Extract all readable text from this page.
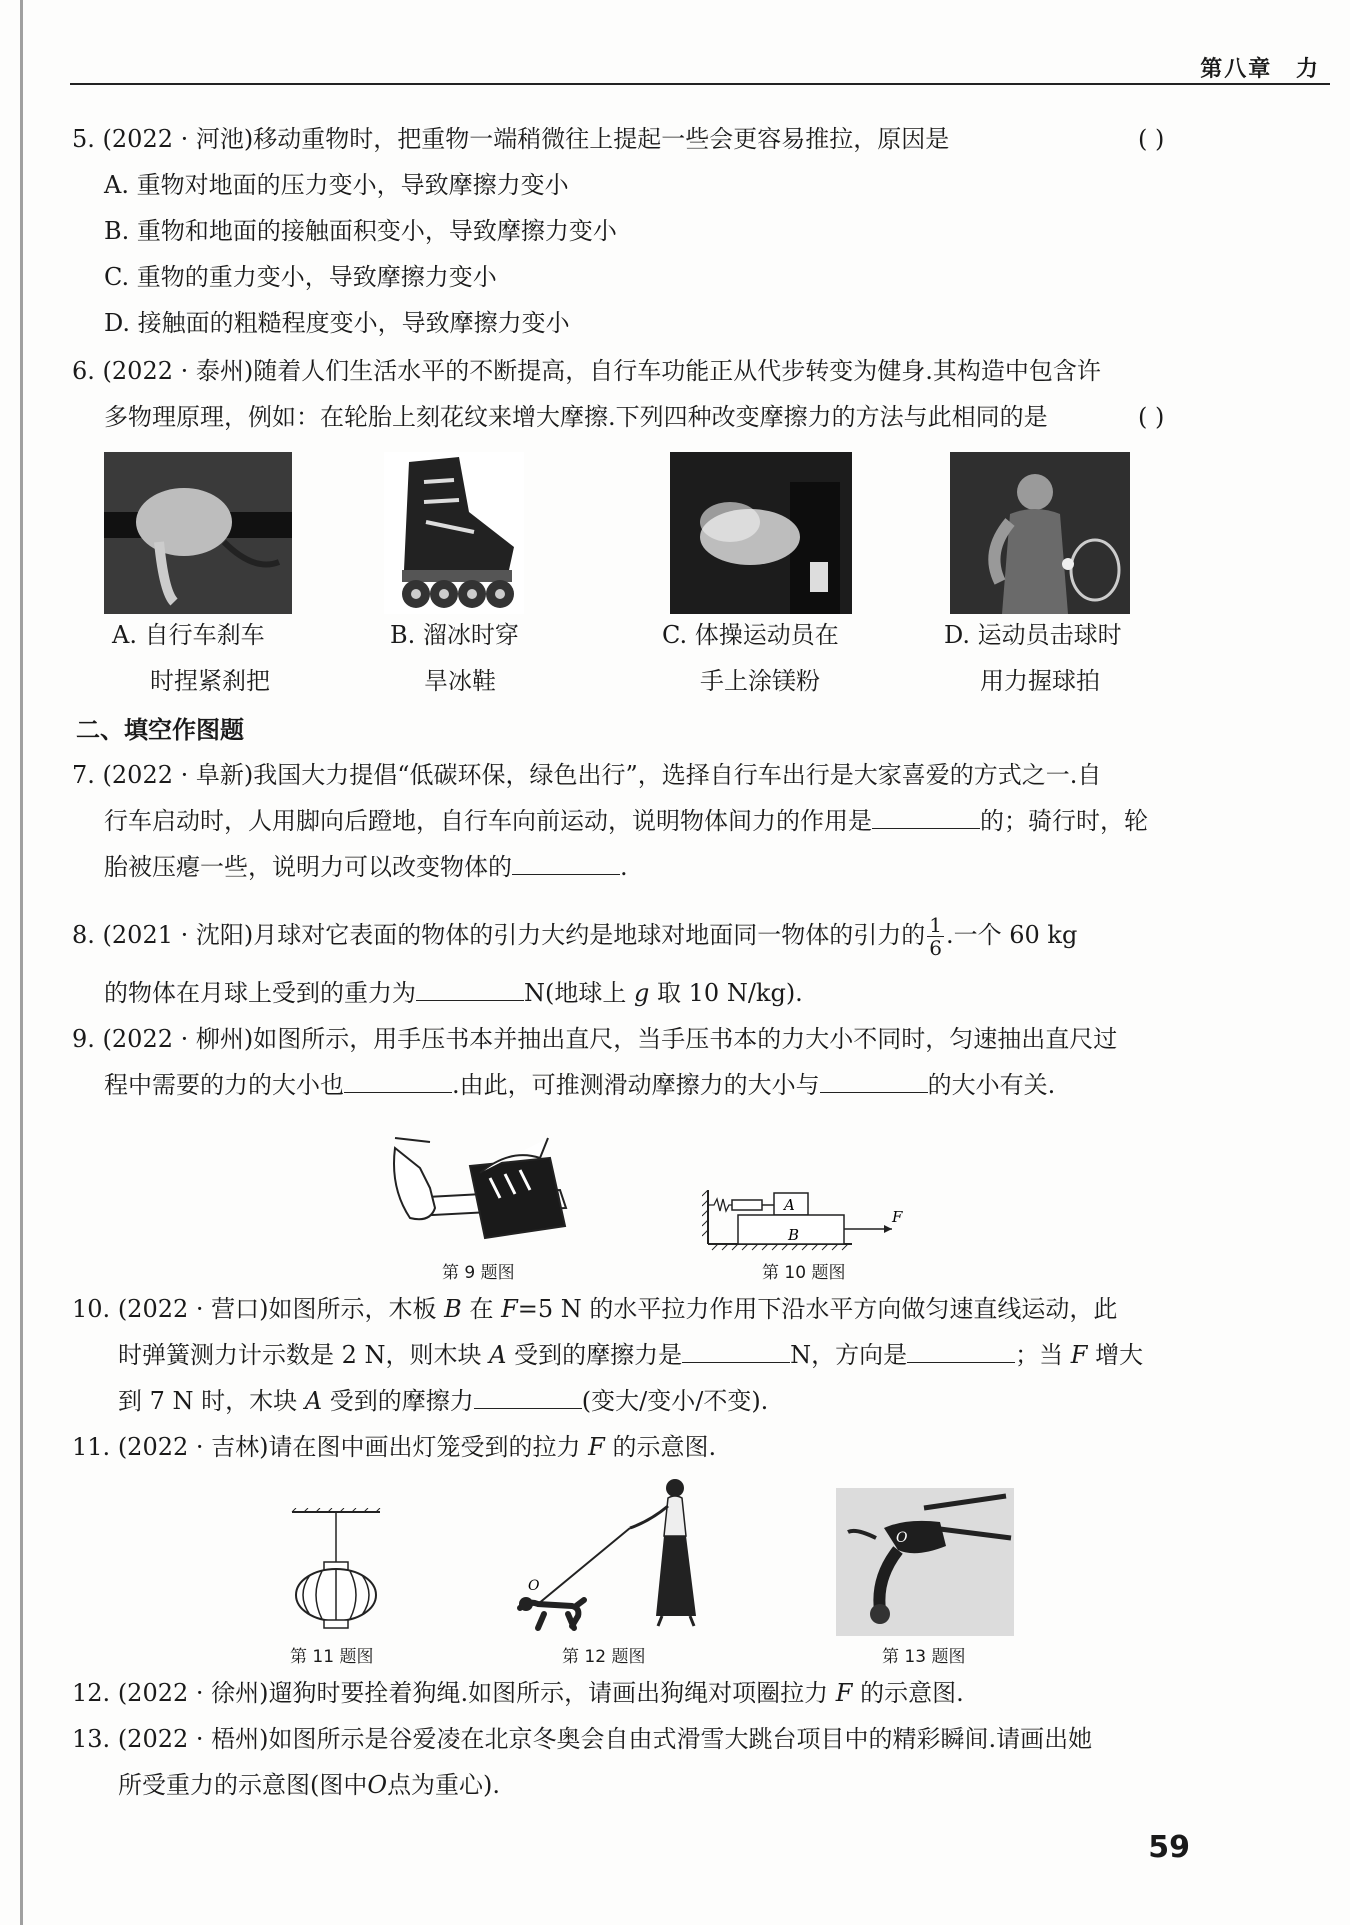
第八章 力
5. (2022 · 河池)移动重物时，把重物一端稍微往上提起一些会更容易推拉，原因是	( )
A. 重物对地面的压力变小，导致摩擦力变小
B. 重物和地面的接触面积变小，导致摩擦力变小
C. 重物的重力变小，导致摩擦力变小
D. 接触面的粗糙程度变小，导致摩擦力变小
6. (2022 · 泰州)随着人们生活水平的不断提高，自行车功能正从代步转变为健身.其构造中包含许
多物理原理，例如：在轮胎上刻花纹来增大摩擦.下列四种改变摩擦力的方法与此相同的是	( )
A. 自行车刹车
时捏紧刹把
B. 溜冰时穿
旱冰鞋
C. 体操运动员在
手上涂镁粉
D. 运动员击球时
用力握球拍
二、填空作图题
7. (2022 · 阜新)我国大力提倡“低碳环保，绿色出行”，选择自行车出行是大家喜爱的方式之一.自
行车启动时，人用脚向后蹬地，自行车向前运动，说明物体间力的作用是	的；骑行时，轮
胎被压瘪一些，说明力可以改变物体的	.
8. (2021 · 沈阳)月球对它表面的物体的引力大约是地球对地面同一物体的引力的 $\frac{1}{6}$ .一个 60 kg
的物体在月球上受到的重力为	N(地球上 g 取 10 N/kg).
9. (2022 · 柳州)如图所示，用手压书本并抽出直尺，当手压书本的力大小不同时，匀速抽出直尺过
程中需要的力的大小也	.由此，可推测滑动摩擦力的大小与	的大小有关.
第 9 题图
A
B
F
第 10 题图
10. (2022 · 营口)如图所示，木板 B 在 F=5 N 的水平拉力作用下沿水平方向做匀速直线运动，此
时弹簧测力计示数是 2 N，则木块 A 受到的摩擦力是	N，方向是	；当 F 增大
到 7 N 时，木块 A 受到的摩擦力	(变大/变小/不变).
11. (2022 · 吉林)请在图中画出灯笼受到的拉力 F 的示意图.
第 11 题图
O
第 12 题图
O
第 13 题图
12. (2022 · 徐州)遛狗时要拴着狗绳.如图所示，请画出狗绳对项圈拉力 F 的示意图.
13. (2022 · 梧州)如图所示是谷爱凌在北京冬奥会自由式滑雪大跳台项目中的精彩瞬间.请画出她
所受重力的示意图(图中O点为重心).
59
